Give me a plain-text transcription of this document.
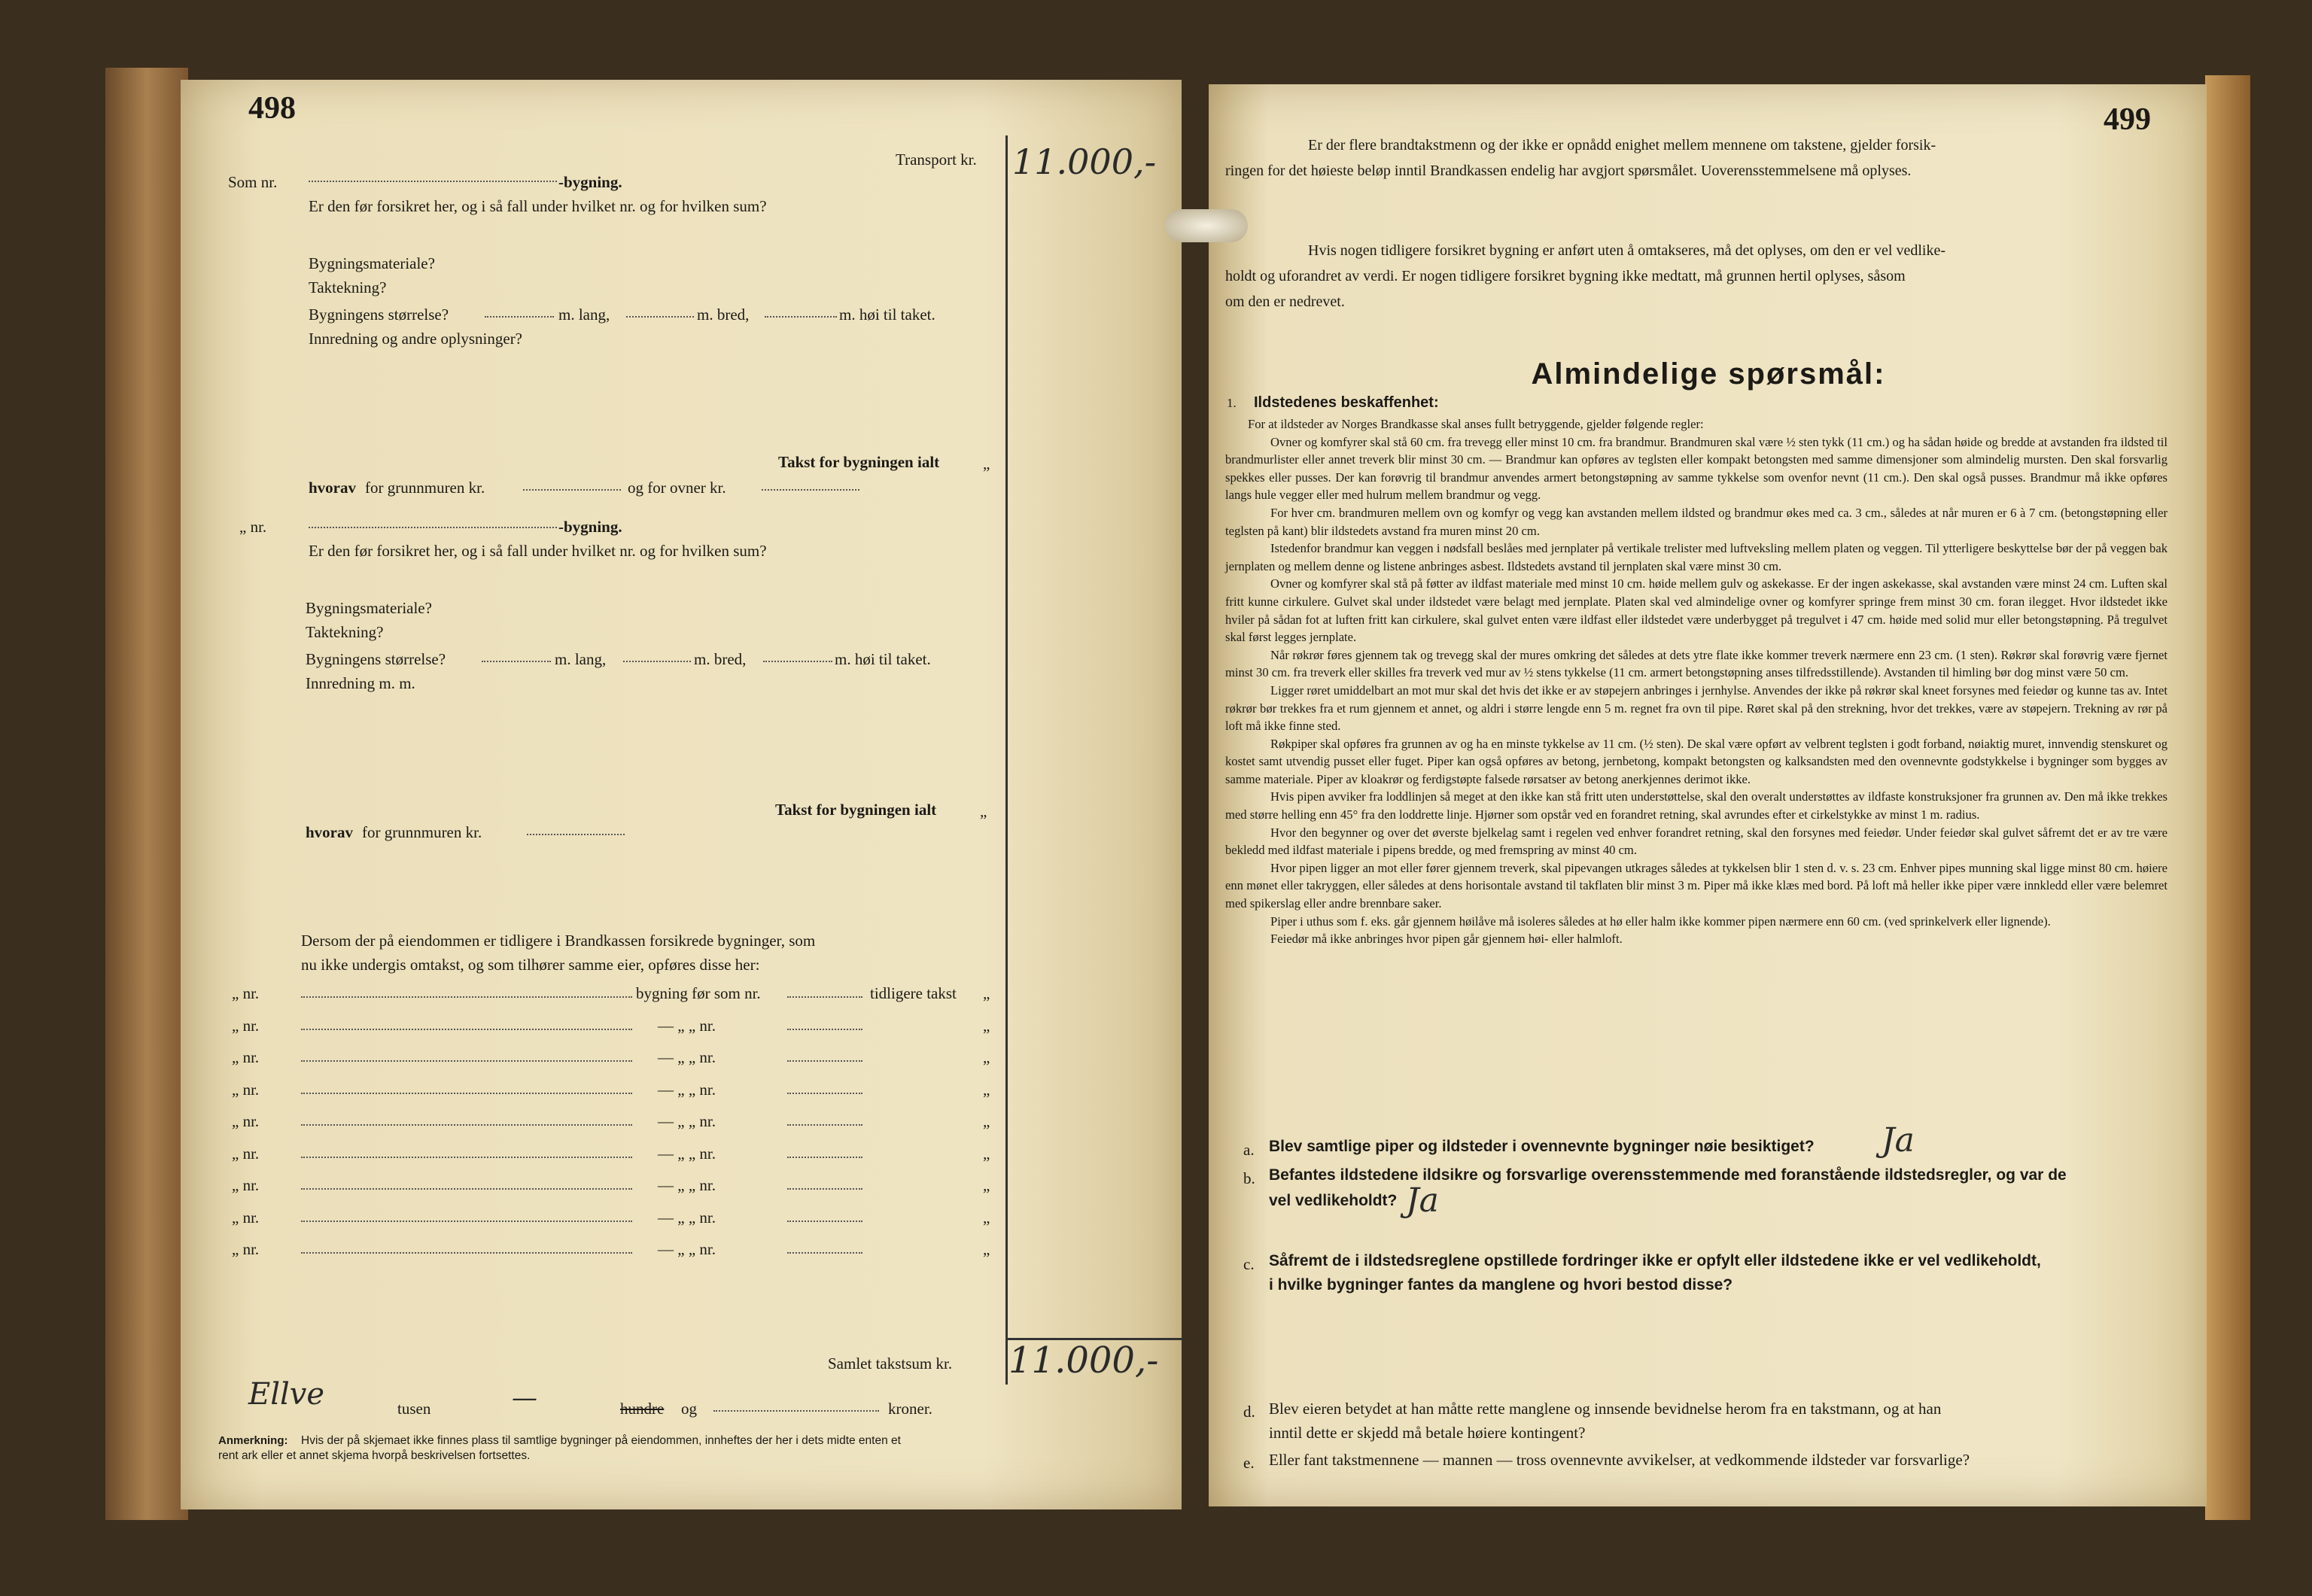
498
Transport kr. 11.000,-
Som nr.	-bygning.
Er den før forsikret her, og i så fall under hvilket nr. og for hvilken sum?
Bygningsmateriale?
Taktekning?
Bygningens størrelse?	m. lang,	m. bred,	m. høi til taket.
Innredning og andre oplysninger?
Takst for bygningen ialt	„
hvorav for grunnmuren kr.	og for ovner kr.
„ nr.	-bygning.
Er den før forsikret her, og i så fall under hvilket nr. og for hvilken sum?
Bygningsmateriale?
Taktekning?
Bygningens størrelse?	m. lang,	m. bred,	m. høi til taket.
Innredning m. m.
Takst for bygningen ialt	„
hvorav for grunnmuren kr.
Dersom der på eiendommen er tidligere i Brandkassen forsikrede bygninger, som
nu ikke undergis omtakst, og som tilhører samme eier, opføres disse her:
„ nr.	bygning før som nr.	tidligere takst „
„ nr.	— „ „ nr.	„
„ nr.	— „ „ nr.	„
„ nr.	— „ „ nr.	„
„ nr.	— „ „ nr.	„
„ nr.	— „ „ nr.	„
„ nr.	— „ „ nr.	„
„ nr.	— „ „ nr.	„
„ nr.	— „ „ nr.	„
Samlet takstsum kr. 11.000,-
Ellve	tusen	—	hundre og	kroner.
Anmerkning: Hvis der på skjemaet ikke finnes plass til samtlige bygninger på eiendommen, innheftes der her i dets midte enten et
rent ark eller et annet skjema hvorpå beskrivelsen fortsettes.
499
Er der flere brandtakstmenn og der ikke er opnådd enighet mellem mennene om takstene, gjelder forsik-
ringen for det høieste beløp inntil Brandkassen endelig har avgjort spørsmålet. Uoverensstemmelsene må oplyses.
Hvis nogen tidligere forsikret bygning er anført uten å omtakseres, må det oplyses, om den er vel vedlike-
holdt og uforandret av verdi. Er nogen tidligere forsikret bygning ikke medtatt, må grunnen hertil oplyses, såsom
om den er nedrevet.
Almindelige spørsmål:
1. Ildstedenes beskaffenhet:

For at ildsteder av Norges Brandkasse skal anses fullt betryggende, gjelder følgende regler:

Ovner og komfyrer skal stå 60 cm. fra trevegg eller minst 10 cm. fra brandmur. Brandmuren skal være ½ sten tykk (11 cm.) og ha sådan høide og bredde at avstanden fra ildsted til brandmurlister eller annet treverk blir minst 30 cm. — Brandmur kan opføres av teglsten eller kompakt betongsten med samme dimensjoner som almindelig mursten. Den skal forsvarlig spekkes eller pusses. Der kan forøvrig til brandmur anvendes armert betongstøpning av samme tykkelse som ovenfor nevnt (11 cm.). Den skal også pusses. Brandmur må ikke opføres langs hule vegger eller med hulrum mellem brandmur og vegg.

For hver cm. brandmuren mellem ovn og komfyr og vegg kan avstanden mellem ildsted og brandmur økes med ca. 3 cm., således at når muren er 6 à 7 cm. (betongstøpning eller teglsten på kant) blir ildstedets avstand fra muren minst 20 cm.

Istedenfor brandmur kan veggen i nødsfall beslåes med jernplater på vertikale trelister med luftveksling mellem platen og veggen. Til ytterligere beskyttelse bør der på veggen bak jernplaten og mellem denne og listene anbringes asbest. Ildstedets avstand til jernplaten skal være minst 30 cm.

Ovner og komfyrer skal stå på føtter av ildfast materiale med minst 10 cm. høide mellem gulv og askekasse. Er der ingen askekasse, skal avstanden være minst 24 cm. Luften skal fritt kunne cirkulere. Gulvet skal under ildstedet være belagt med jernplate. Platen skal ved almindelige ovner og komfyrer springe frem minst 30 cm. foran ilegget. Hvor ildstedet ikke hviler på sådan fot at luften fritt kan cirkulere, skal gulvet enten være ildfast eller ildstedet være underbygget på tregulvet i 47 cm. høide med solid mur eller betongstøpning. På tregulvet skal først legges jernplate.

Når røkrør føres gjennem tak og trevegg skal der mures omkring det således at dets ytre flate ikke kommer treverk nærmere enn 23 cm. (1 sten). Røkrør skal forøvrig være fjernet minst 30 cm. fra treverk eller skilles fra treverk ved mur av ½ stens tykkelse (11 cm. armert betongstøpning anses tilfredsstillende). Avstanden til himling bør dog minst være 50 cm.

Ligger røret umiddelbart an mot mur skal det hvis det ikke er av støpejern anbringes i jernhylse. Anvendes der ikke på røkrør skal kneet forsynes med feiedør og kunne tas av. Intet røkrør bør trekkes fra et rum gjennem et annet, og aldri i større lengde enn 5 m. regnet fra ovn til pipe. Røret skal på den strekning, hvor det trekkes, være av støpejern. Trekning av rør på loft må ikke finne sted.

Røkpiper skal opføres fra grunnen av og ha en minste tykkelse av 11 cm. (½ sten). De skal være opført av velbrent teglsten i godt forband, nøiaktig muret, innvendig stenskuret og kostet samt utvendig pusset eller fuget. Piper kan også opføres av betong, jernbetong, kompakt betongsten og kalksandsten med den ovennevnte godstykkelse i bygninger som bygges av samme materiale. Piper av kloakrør og ferdigstøpte falsede rørsatser av betong anerkjennes derimot ikke.

Hvis pipen avviker fra loddlinjen så meget at den ikke kan stå fritt uten understøttelse, skal den overalt understøttes av ildfaste konstruksjoner fra grunnen av. Den må ikke trekkes med større helling enn 45° fra den loddrette linje. Hjørner som opstår ved en forandret retning, skal avrundes efter et cirkelstykke av minst 1 m. radius.

Hvor den begynner og over det øverste bjelkelag samt i regelen ved enhver forandret retning, skal den forsynes med feiedør. Under feiedør skal gulvet såfremt det er av tre være bekledd med ildfast materiale i pipens bredde, og med fremspring av minst 40 cm.

Hvor pipen ligger an mot eller fører gjennem treverk, skal pipevangen utkrages således at tykkelsen blir 1 sten d. v. s. 23 cm. Enhver pipes munning skal ligge minst 80 cm. høiere enn mønet eller takryggen, eller således at dens horisontale avstand til takflaten blir minst 3 m. Piper må ikke klæs med bord. På loft må heller ikke piper være innkledd eller være belemret med spikerslag eller andre brennbare saker.

Piper i uthus som f. eks. går gjennem høilåve må isoleres således at hø eller halm ikke kommer pipen nærmere enn 60 cm. (ved sprinkelverk eller lignende).

Feiedør må ikke anbringes hvor pipen går gjennem høi- eller halmloft.

a. Blev samtlige piper og ildsteder i ovennevnte bygninger nøie besiktiget? Ja
b. Befantes ildstedene ildsikre og forsvarlige overensstemmende med foranstående ildstedsregler, og var de
vel vedlikeholdt? Ja
c. Såfremt de i ildstedsreglene opstillede fordringer ikke er opfylt eller ildstedene ikke er vel vedlikeholdt,
i hvilke bygninger fantes da manglene og hvori bestod disse?
d. Blev eieren betydet at han måtte rette manglene og innsende bevidnelse herom fra en takstmann, og at han
inntil dette er skjedd må betale høiere kontingent?
e. Eller fant takstmennene — mannen — tross ovennevnte avvikelser, at vedkommende ildsteder var forsvarlige?
